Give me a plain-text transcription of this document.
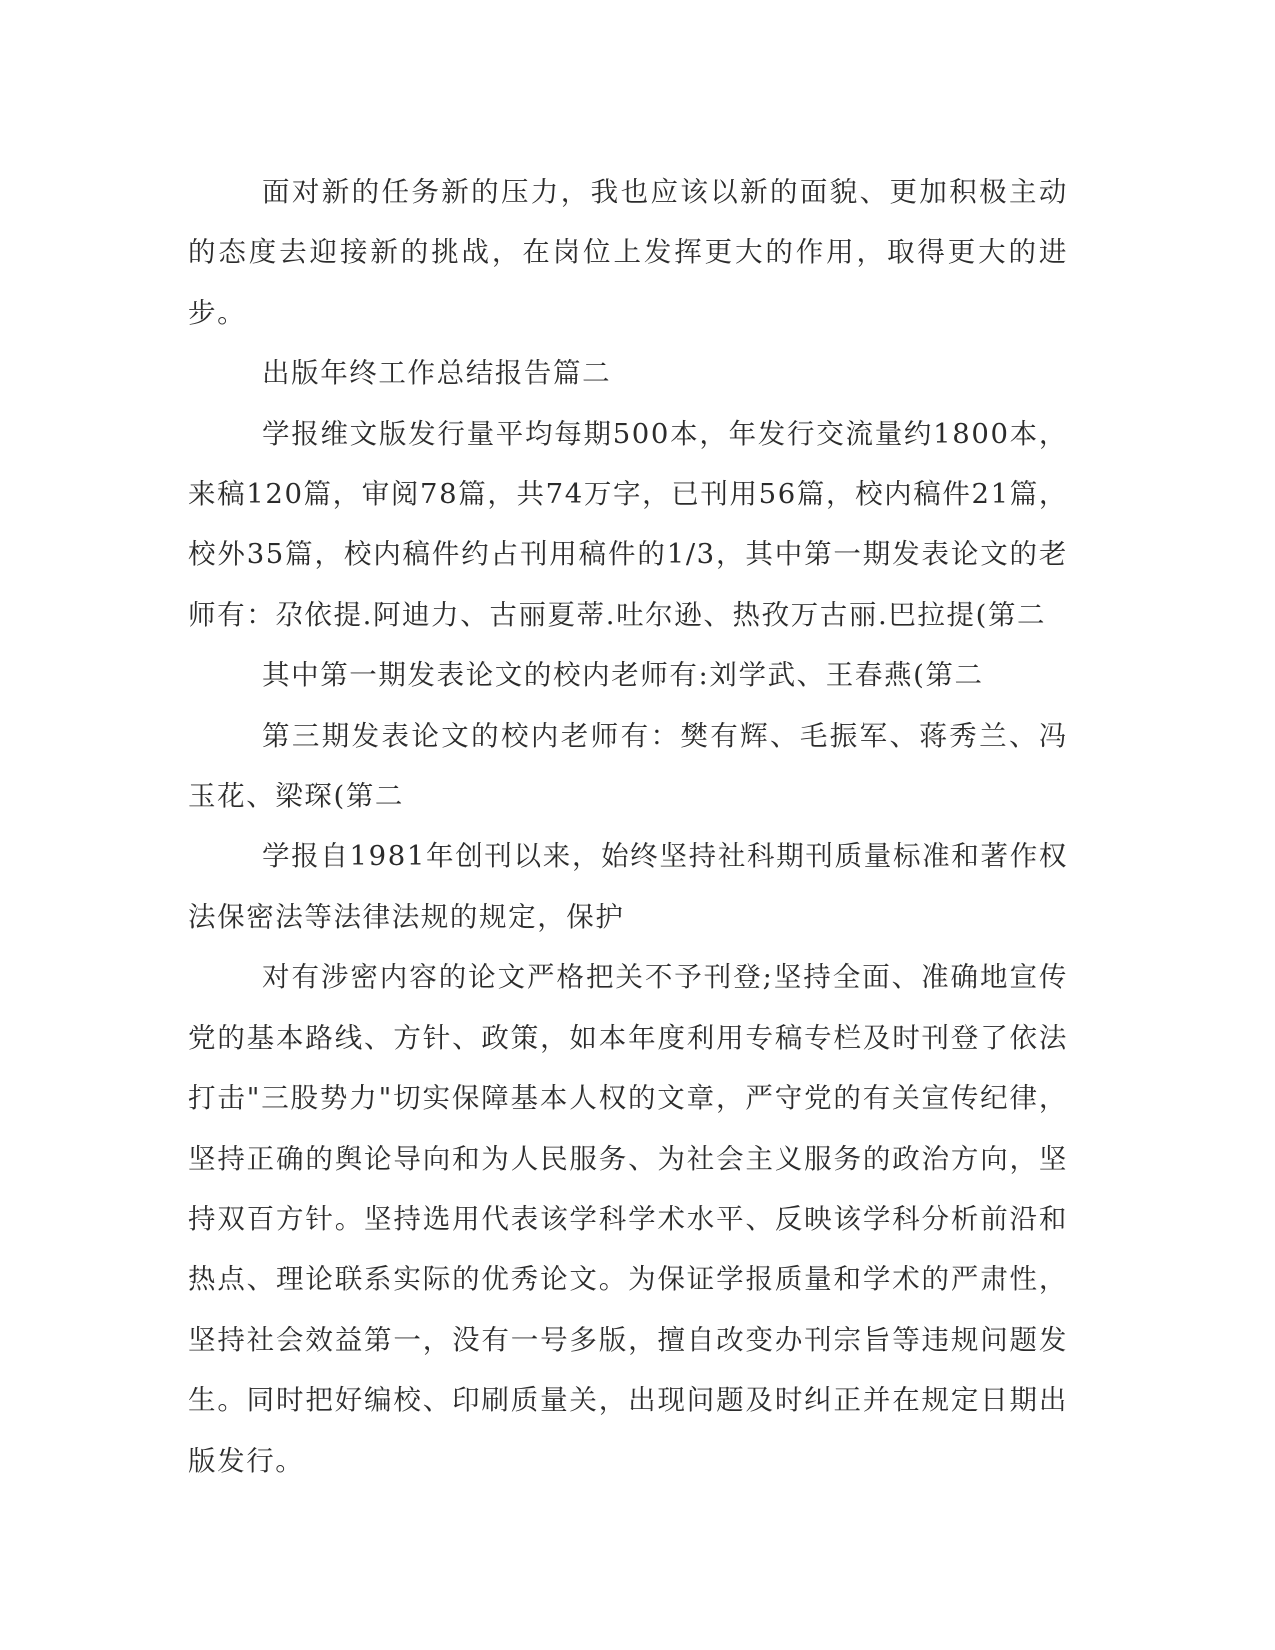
面对新的任务新的压力，我也应该以新的面貌、更加积极主动的态度去迎接新的挑战，在岗位上发挥更大的作用，取得更大的进步。

出版年终工作总结报告篇二

学报维文版发行量平均每期500本，年发行交流量约1800本，来稿120篇，审阅78篇，共74万字，已刊用56篇，校内稿件21篇，校外35篇，校内稿件约占刊用稿件的1/3，其中第一期发表论文的老师有：尕依提.阿迪力、古丽夏蒂.吐尔逊、热孜万古丽.巴拉提(第二

其中第一期发表论文的校内老师有:刘学武、王春燕(第二

第三期发表论文的校内老师有：樊有辉、毛振军、蒋秀兰、冯玉花、梁琛(第二

学报自1981年创刊以来，始终坚持社科期刊质量标准和著作权法保密法等法律法规的规定，保护

对有涉密内容的论文严格把关不予刊登;坚持全面、准确地宣传党的基本路线、方针、政策，如本年度利用专稿专栏及时刊登了依法打击"三股势力"切实保障基本人权的文章，严守党的有关宣传纪律，坚持正确的舆论导向和为人民服务、为社会主义服务的政治方向，坚持双百方针。坚持选用代表该学科学术水平、反映该学科分析前沿和热点、理论联系实际的优秀论文。为保证学报质量和学术的严肃性，坚持社会效益第一，没有一号多版，擅自改变办刊宗旨等违规问题发生。同时把好编校、印刷质量关，出现问题及时纠正并在规定日期出版发行。
